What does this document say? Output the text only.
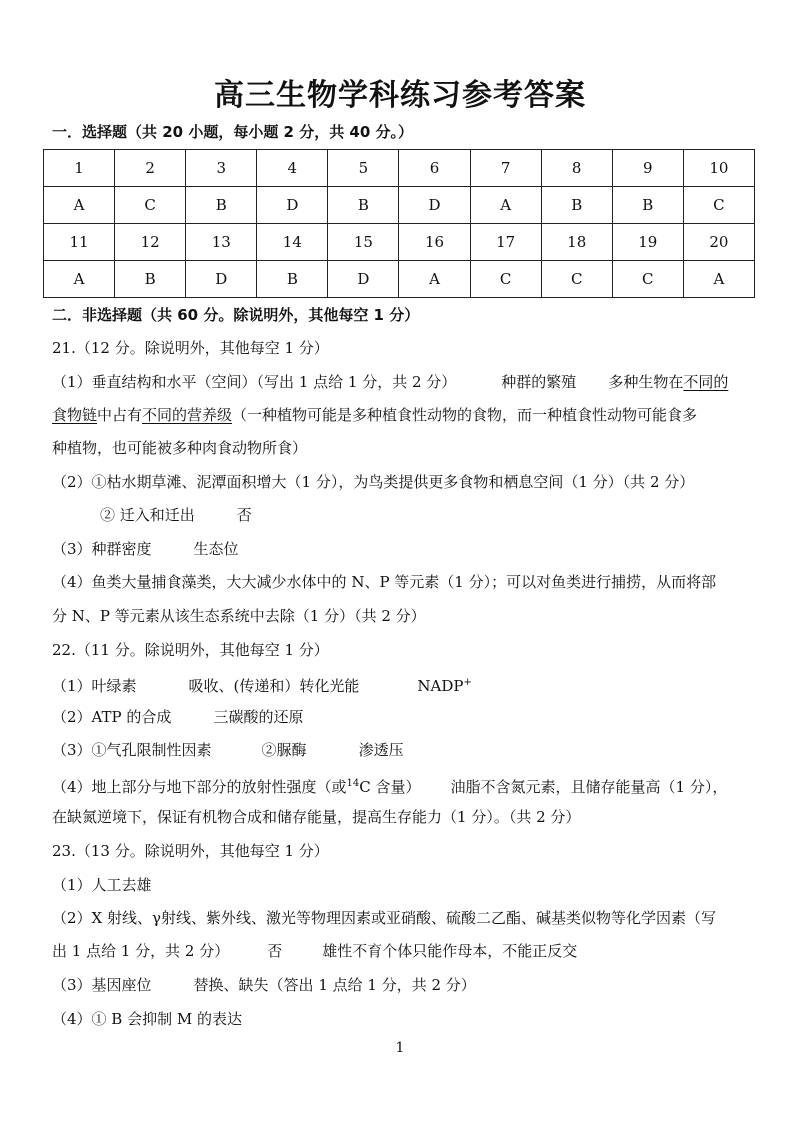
高三生物学科练习参考答案
一．选择题（共 20 小题，每小题 2 分，共 40 分。）
1	2	3	4	5	6	7	8	9	10
A	C	B	D	B	D	A	B	B	C
11	12	13	14	15	16	17	18	19	20
A	B	D	B	D	A	C	C	C	A
二．非选择题（共 60 分。除说明外，其他每空 1 分）
21.（12 分。除说明外，其他每空 1 分）
（1）垂直结构和水平（空间）（写出 1 点给 1 分，共 2 分）	种群的繁殖 多种生物在不同的
食物链中占有不同的营养级（一种植物可能是多种植食性动物的食物，而一种植食性动物可能食多
种植物，也可能被多种肉食动物所食）
（2）①枯水期草滩、泥潭面积增大（1 分），为鸟类提供更多食物和栖息空间（1 分）（共 2 分）
② 迁入和迁出	否
（3）种群密度	生态位
（4）鱼类大量捕食藻类，大大减少水体中的 N、P 等元素（1 分）；可以对鱼类进行捕捞，从而将部
分 N、P 等元素从该生态系统中去除（1 分）（共 2 分）
22.（11 分。除说明外，其他每空 1 分）
（1）叶绿素	吸收、(传递和）转化光能	NADP+
（2）ATP 的合成	三碳酸的还原
（3）①气孔限制性因素	②脲酶	渗透压
（4）地上部分与地下部分的放射性强度（或$^{14}$C 含量） 油脂不含氮元素，且储存能量高（1 分），
在缺氮逆境下，保证有机物合成和储存能量，提高生存能力（1 分）。（共 2 分）
23.（13 分。除说明外，其他每空 1 分）
（1）人工去雄
（2）X 射线、γ射线、紫外线、激光等物理因素或亚硝酸、硫酸二乙酯、碱基类似物等化学因素（写
出 1 点给 1 分，共 2 分）	否	雄性不育个体只能作母本，不能正反交
（3）基因座位	替换、缺失（答出 1 点给 1 分，共 2 分）
（4）① B 会抑制 M 的表达
1
